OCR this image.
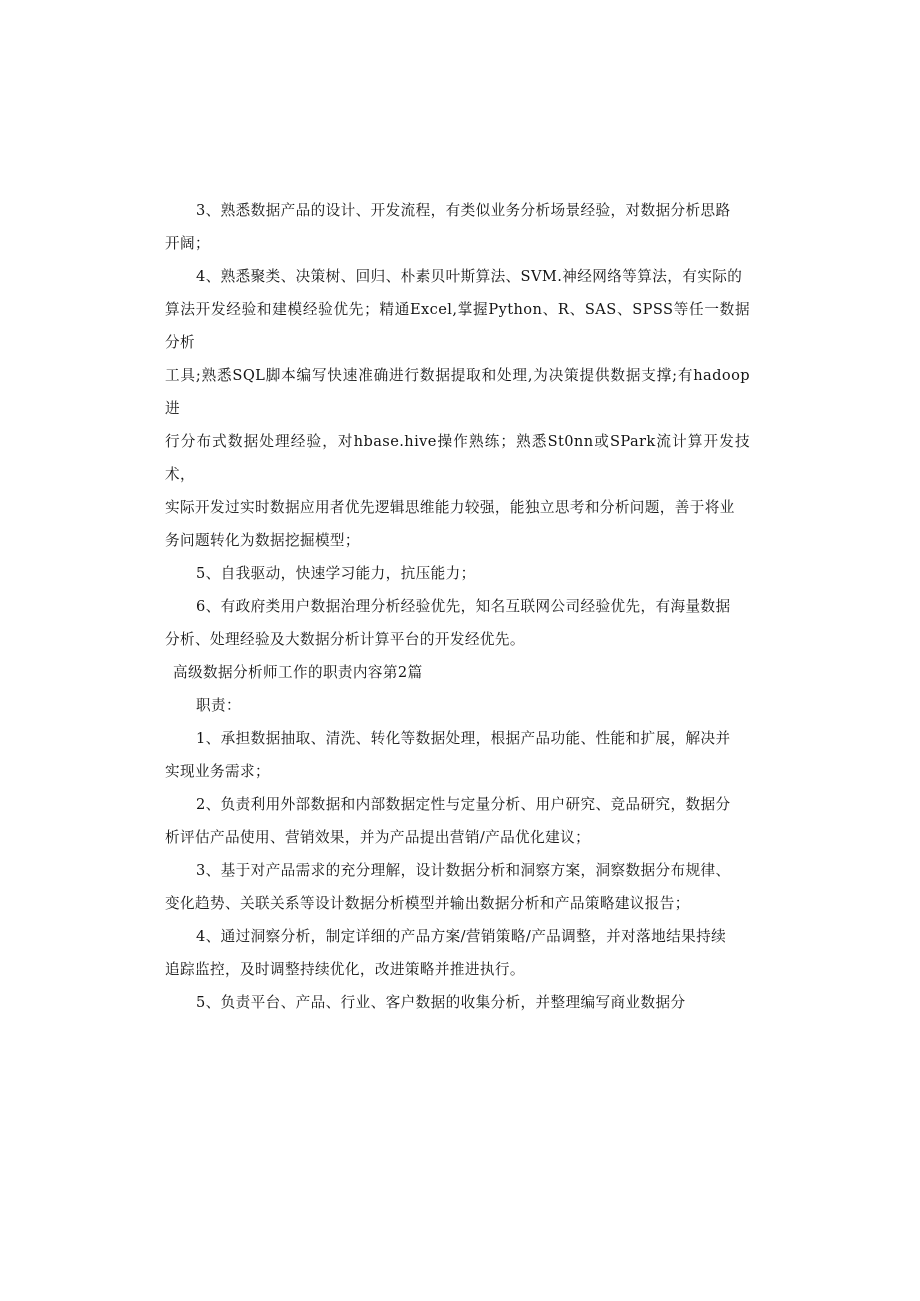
3、熟悉数据产品的设计、开发流程，有类似业务分析场景经验，对数据分析思路
开阔；

4、熟悉聚类、决策树、回归、朴素贝叶斯算法、SVM.神经网络等算法，有实际的
算法开发经验和建模经验优先；精通Excel,掌握Python、R、SAS、SPSS等任一数据分析
工具;熟悉SQL脚本编写快速准确进行数据提取和处理,为决策提供数据支撑;有hadoop进
行分布式数据处理经验，对hbase.hive操作熟练；熟悉St0nn或SPark流计算开发技术，
实际开发过实时数据应用者优先逻辑思维能力较强，能独立思考和分析问题，善于将业
务问题转化为数据挖掘模型；

5、自我驱动，快速学习能力，抗压能力；

6、有政府类用户数据治理分析经验优先，知名互联网公司经验优先，有海量数据
分析、处理经验及大数据分析计算平台的开发经优先。

高级数据分析师工作的职责内容第2篇

职责：

1、承担数据抽取、清洗、转化等数据处理，根据产品功能、性能和扩展，解决并
实现业务需求；

2、负责利用外部数据和内部数据定性与定量分析、用户研究、竞品研究，数据分
析评估产品使用、营销效果，并为产品提出营销/产品优化建议；

3、基于对产品需求的充分理解，设计数据分析和洞察方案，洞察数据分布规律、
变化趋势、关联关系等设计数据分析模型并输出数据分析和产品策略建议报告；

4、通过洞察分析，制定详细的产品方案/营销策略/产品调整，并对落地结果持续
追踪监控，及时调整持续优化，改进策略并推进执行。

5、负责平台、产品、行业、客户数据的收集分析，并整理编写商业数据分
